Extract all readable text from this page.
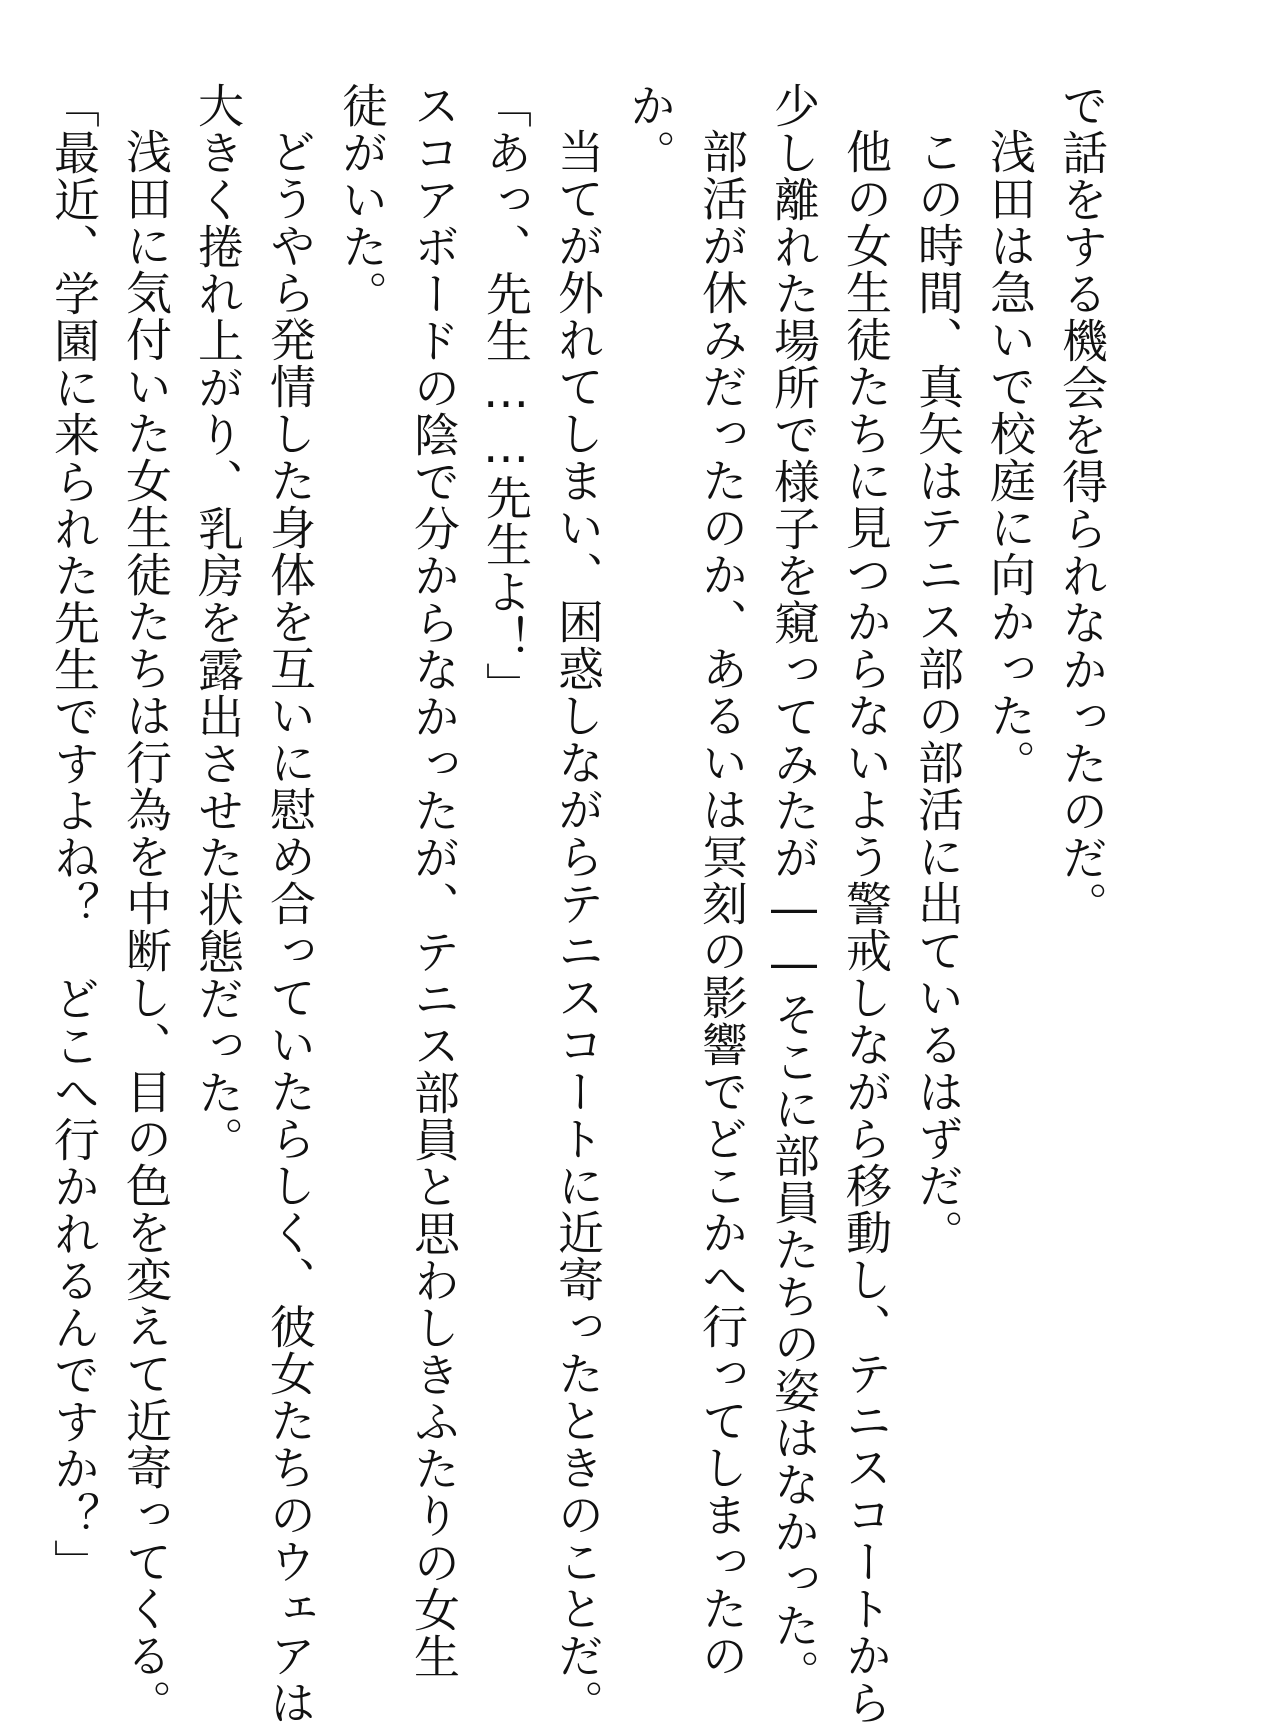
で話をする機会を得られなかったのだ。
浅田は急いで校庭に向かった。
この時間、真矢はテニス部の部活に出ているはずだ。
他の女生徒たちに見つからないよう警戒しながら移動し、テニスコートから
少し離れた場所で様子を窺ってみたが――そこに部員たちの姿はなかった。
部活が休みだったのか、あるいは冥刻の影響でどこかへ行ってしまったの
か。
当てが外れてしまい、困惑しながらテニスコートに近寄ったときのことだ。
「あっ、先生……先生よ！」
スコアボードの陰で分からなかったが、テニス部員と思わしきふたりの女生
徒がいた。
どうやら発情した身体を互いに慰め合っていたらしく、彼女たちのウェアは
大きく捲れ上がり、乳房を露出させた状態だった。
浅田に気付いた女生徒たちは行為を中断し、目の色を変えて近寄ってくる。
「最近、学園に来られた先生ですよね？　どこへ行かれるんですか？」
